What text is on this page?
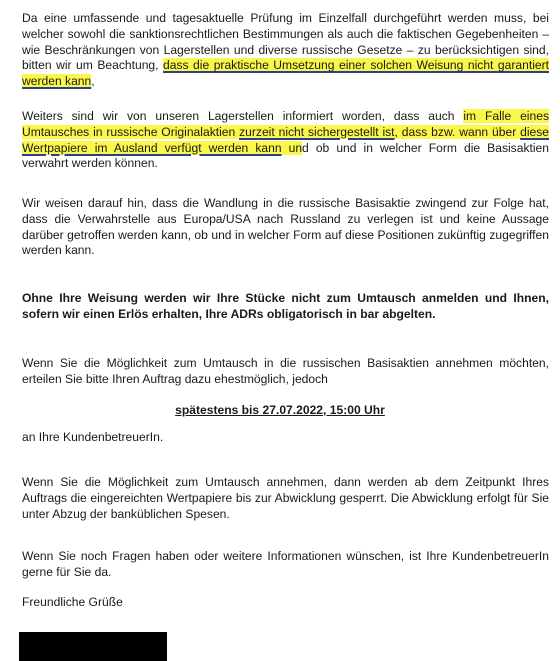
Da eine umfassende und tagesaktuelle Prüfung im Einzelfall durchgeführt werden muss, bei welcher sowohl die sanktionsrechtlichen Bestimmungen als auch die faktischen Gegebenheiten – wie Beschränkungen von Lagerstellen und diverse russische Gesetze – zu berücksichtigen sind, bitten wir um Beachtung, dass die praktische Umsetzung einer solchen Weisung nicht garantiert werden kann,

Weiters sind wir von unseren Lagerstellen informiert worden, dass auch im Falle eines Umtausches in russische Originalaktien zurzeit nicht sichergestellt ist, dass bzw. wann über diese Wertpapiere im Ausland verfügt werden kann und ob und in welcher Form die Basisaktien verwahrt werden können.

Wir weisen darauf hin, dass die Wandlung in die russische Basisaktie zwingend zur Folge hat, dass die Verwahrstelle aus Europa/USA nach Russland zu verlegen ist und keine Aussage darüber getroffen werden kann, ob und in welcher Form auf diese Positionen zukünftig zugegriffen werden kann.

Ohne Ihre Weisung werden wir Ihre Stücke nicht zum Umtausch anmelden und Ihnen, sofern wir einen Erlös erhalten, Ihre ADRs obligatorisch in bar abgelten.

Wenn Sie die Möglichkeit zum Umtausch in die russischen Basisaktien annehmen möchten, erteilen Sie bitte Ihren Auftrag dazu ehestmöglich, jedoch

spätestens bis 27.07.2022, 15:00 Uhr
an Ihre KundenbetreuerIn.

Wenn Sie die Möglichkeit zum Umtausch annehmen, dann werden ab dem Zeitpunkt Ihres Auftrags die eingereichten Wertpapiere bis zur Abwicklung gesperrt. Die Abwicklung erfolgt für Sie unter Abzug der banküblichen Spesen.

Wenn Sie noch Fragen haben oder weitere Informationen wünschen, ist Ihre KundenbetreuerIn gerne für Sie da.

Freundliche Grüße
